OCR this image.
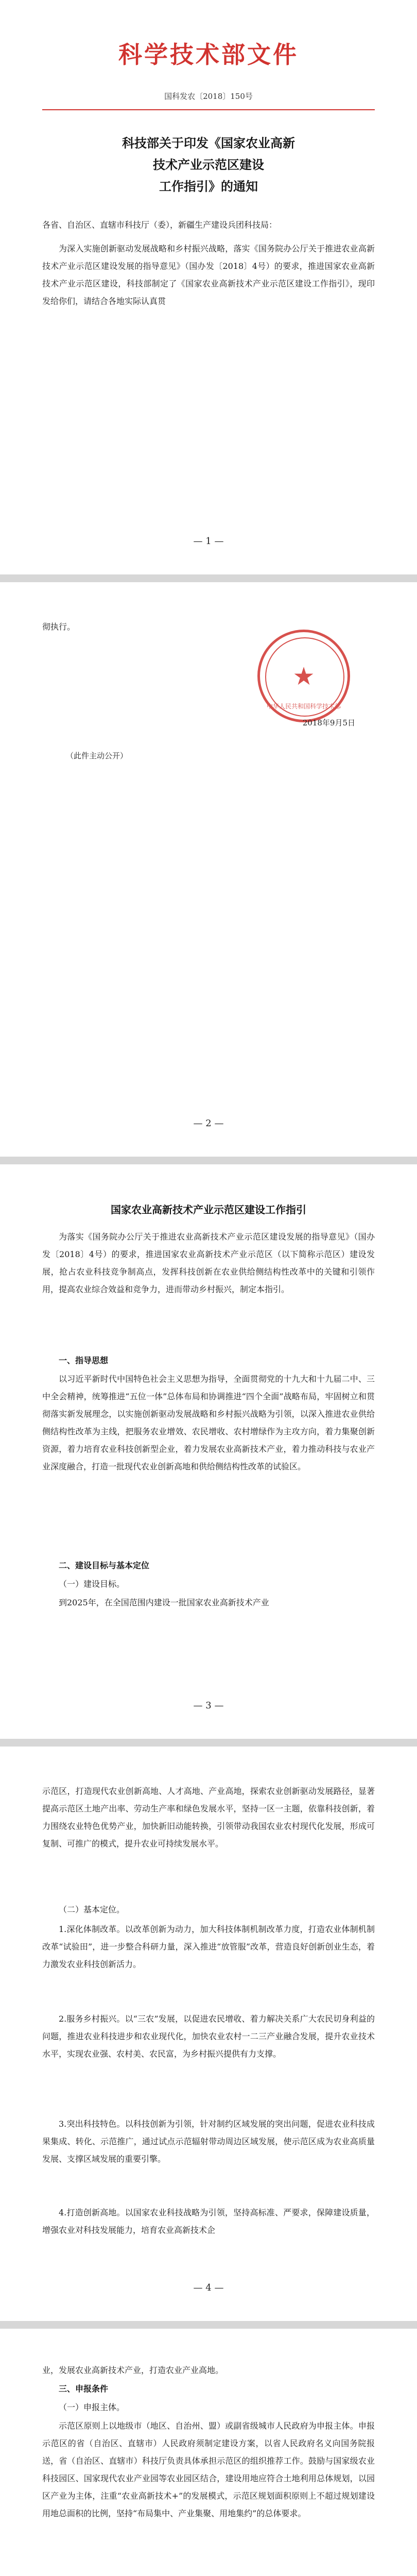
科学技术部文件
国科发农〔2018〕150号
科技部关于印发《国家农业高新
技术产业示范区建设
工作指引》的通知
各省、自治区、直辖市科技厅（委），新疆生产建设兵团科技局：
为深入实施创新驱动发展战略和乡村振兴战略，落实《国务院办公厅关于推进农业高新技术产业示范区建设发展的指导意见》（国办发〔2018〕4号）的要求，推进国家农业高新技术产业示范区建设，科技部制定了《国家农业高新技术产业示范区建设工作指引》，现印发给你们，请结合各地实际认真贯
— 1 —
彻执行。
★
中华人民共和国科学技术部
2018年9月5日
（此件主动公开）
— 2 —
国家农业高新技术产业示范区建设工作指引
为落实《国务院办公厅关于推进农业高新技术产业示范区建设发展的指导意见》（国办发〔2018〕4号）的要求，推进国家农业高新技术产业示范区（以下简称示范区）建设发展，抢占农业科技竞争制高点，发挥科技创新在农业供给侧结构性改革中的关键和引领作用，提高农业综合效益和竞争力，进而带动乡村振兴，制定本指引。
一、指导思想
以习近平新时代中国特色社会主义思想为指导，全面贯彻党的十九大和十九届二中、三中全会精神，统筹推进“五位一体”总体布局和协调推进“四个全面”战略布局，牢固树立和贯彻落实新发展理念，以实施创新驱动发展战略和乡村振兴战略为引领，以深入推进农业供给侧结构性改革为主线，把服务农业增效、农民增收、农村增绿作为主攻方向，着力集聚创新资源，着力培育农业科技创新型企业，着力发展农业高新技术产业，着力推动科技与农业产业深度融合，打造一批现代农业创新高地和供给侧结构性改革的试验区。
二、建设目标与基本定位
（一）建设目标。
到2025年，在全国范围内建设一批国家农业高新技术产业
— 3 —
示范区，打造现代农业创新高地、人才高地、产业高地，探索农业创新驱动发展路径，显著提高示范区土地产出率、劳动生产率和绿色发展水平，坚持一区一主题，依靠科技创新，着力围绕农业特色优势产业，加快新旧动能转换，引领带动我国农业农村现代化发展，形成可复制、可推广的模式，提升农业可持续发展水平。
（二）基本定位。
1.深化体制改革。以改革创新为动力，加大科技体制机制改革力度，打造农业体制机制改革“试验田”，进一步整合科研力量，深入推进“放管服”改革，营造良好创新创业生态，着力激发农业科技创新活力。
2.服务乡村振兴。以“三农”发展，以促进农民增收、着力解决关系广大农民切身利益的问题，推进农业科技进步和农业现代化，加快农业农村一二三产业融合发展，提升农业技术水平，实现农业强、农村美、农民富，为乡村振兴提供有力支撑。
3.突出科技特色。以科技创新为引领，针对制约区域发展的突出问题，促进农业科技成果集成、转化、示范推广，通过试点示范辐射带动周边区域发展，使示范区成为农业高质量发展、支撑区域发展的重要引擎。
4.打造创新高地。以国家农业科技战略为引领，坚持高标准、严要求，保障建设质量，增强农业对科技发展能力，培育农业高新技术企
— 4 —
业，发展农业高新技术产业，打造农业产业高地。
三、申报条件
（一）申报主体。
示范区原则上以地级市（地区、自治州、盟）或副省级城市人民政府为申报主体。申报示范区的省（自治区、直辖市）人民政府须制定建设方案，以省人民政府名义向国务院报送，省（自治区、直辖市）科技厅负责具体承担示范区的组织推荐工作。鼓励与国家级农业科技园区、国家现代农业产业园等农业园区结合，建设用地应符合土地利用总体规划，以园区产业为主体，注重“农业高新技术+”的发展模式，示范区规划面积原则上不超过规划建设用地总面积的比例，坚持“布局集中、产业集聚、用地集约”的总体要求。
